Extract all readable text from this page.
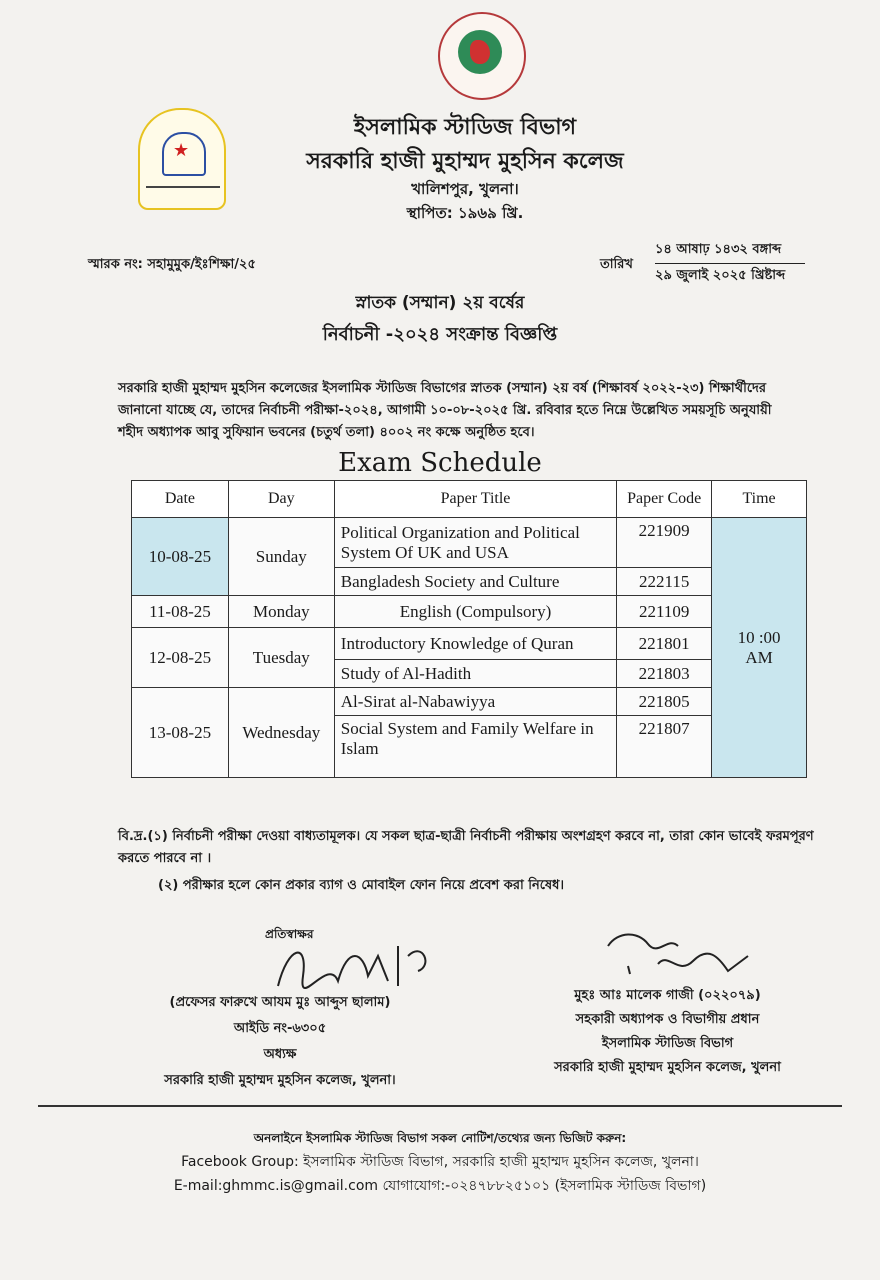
★
ইসলামিক স্টাডিজ বিভাগ
সরকারি হাজী মুহাম্মদ মুহসিন কলেজ
খালিশপুর, খুলনা।
স্থাপিত: ১৯৬৯ খ্রি.
স্মারক নং: সহামুমুক/ইঃশিক্ষা/২৫	তারিখ
১৪ আষাঢ় ১৪৩২ বঙ্গাব্দ
২৯ জুলাই ২০২৫ খ্রিষ্টাব্দ
স্নাতক (সম্মান) ২য় বর্ষের
নির্বাচনী -২০২৪ সংক্রান্ত বিজ্ঞপ্তি
সরকারি হাজী মুহাম্মদ মুহসিন কলেজের ইসলামিক স্টাডিজ বিভাগের স্নাতক (সম্মান) ২য় বর্ষ (শিক্ষাবর্ষ ২০২২-২৩) শিক্ষার্থীদের জানানো যাচ্ছে যে, তাদের নির্বাচনী পরীক্ষা-২০২৪, আগামী ১০-০৮-২০২৫ খ্রি. রবিবার হতে নিম্নে উল্লেখিত সময়সূচি অনুযায়ী শহীদ অধ্যাপক আবু সুফিয়ান ভবনের (চতুর্থ তলা) ৪০০২ নং কক্ষে অনুষ্ঠিত হবে।
Exam Schedule
Date	Day	Paper Title	Paper Code	Time
10-08-25	Sunday	Political Organization and Political System Of UK and USA	221909	10 :00
AM

		Bangladesh Society and Culture	222115	
11-08-25	Monday	English (Compulsory)	221109	
12-08-25	Tuesday	Introductory Knowledge of Quran	221801	
		Study of Al-Hadith	221803	
13-08-25	Wednesday	Al-Sirat al-Nabawiyya	221805	
		Social System and Family Welfare in Islam	221807	
বি.দ্র.(১) নির্বাচনী পরীক্ষা দেওয়া বাধ্যতামূলক। যে সকল ছাত্র-ছাত্রী নির্বাচনী পরীক্ষায় অংশগ্রহণ করবে না, তারা কোন ভাবেই ফরমপূরণ করতে পারবে না ।
(২) পরীক্ষার হলে কোন প্রকার ব্যাগ ও মোবাইল ফোন নিয়ে প্রবেশ করা নিষেধ।
প্রতিস্বাক্ষর
(প্রফেসর ফারুখে আযম মুঃ আব্দুস ছালাম)
আইডি নং-৬৩০৫
অধ্যক্ষ
সরকারি হাজী মুহাম্মদ মুহসিন কলেজ, খুলনা।
মুহঃ আঃ মালেক গাজী (০২২০৭৯)
সহকারী অধ্যাপক ও বিভাগীয় প্রধান
ইসলামিক স্টাডিজ বিভাগ
সরকারি হাজী মুহাম্মদ মুহসিন কলেজ, খুলনা
অনলাইনে ইসলামিক স্টাডিজ বিভাগ সকল নোটিশ/তথ্যের জন্য ভিজিট করুন:
Facebook Group: ইসলামিক স্টাডিজ বিভাগ, সরকারি হাজী মুহাম্মদ মুহসিন কলেজ, খুলনা।
E-mail:ghmmc.is@gmail.com যোগাযোগ:-০২৪৭৮৮২৫১০১ (ইসলামিক স্টাডিজ বিভাগ)
